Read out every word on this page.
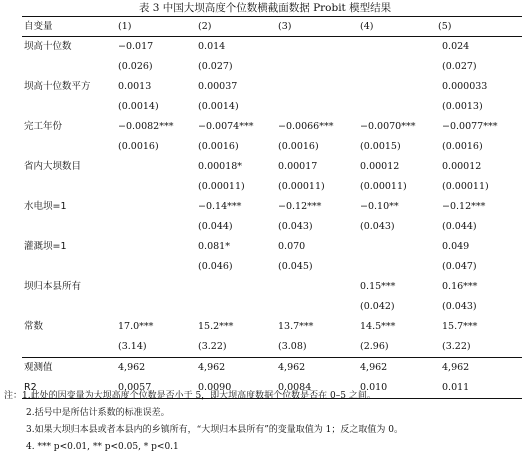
表 3 中国大坝高度个位数横截面数据 Probit 模型结果
自变量	(1)	(2)	(3)	(4)	(5)
坝高十位数	−0.017	0.014			0.024
	(0.026)	(0.027)			(0.027)
坝高十位数平方	0.0013	0.00037			0.000033
	(0.0014)	(0.0014)			(0.0013)
完工年份	−0.0082***	−0.0074***	−0.0066***	−0.0070***	−0.0077***
	(0.0016)	(0.0016)	(0.0016)	(0.0015)	(0.0016)
省内大坝数目		0.00018*	0.00017	0.00012	0.00012
		(0.00011)	(0.00011)	(0.00011)	(0.00011)
水电坝=1		−0.14***	−0.12***	−0.10**	−0.12***
		(0.044)	(0.043)	(0.043)	(0.044)
灌溉坝=1		0.081*	0.070		0.049
		(0.046)	(0.045)		(0.047)
坝归本县所有				0.15***	0.16***
				(0.042)	(0.043)
常数	17.0***	15.2***	13.7***	14.5***	15.7***
	(3.14)	(3.22)	(3.08)	(2.96)	(3.22)
观测值	4,962	4,962	4,962	4,962	4,962
R2	0.0057	0.0090	0.0084	0.010	0.011
注：1.此处的因变量为大坝高度个位数是否小于 5，即大坝高度数据个位数是否在 0–5 之间。
2.括号中是所估计系数的标准误差。
3.如果大坝归本县或者本县内的乡镇所有，“大坝归本县所有”的变量取值为 1；反之取值为 0。
4. *** p<0.01, ** p<0.05, * p<0.1
